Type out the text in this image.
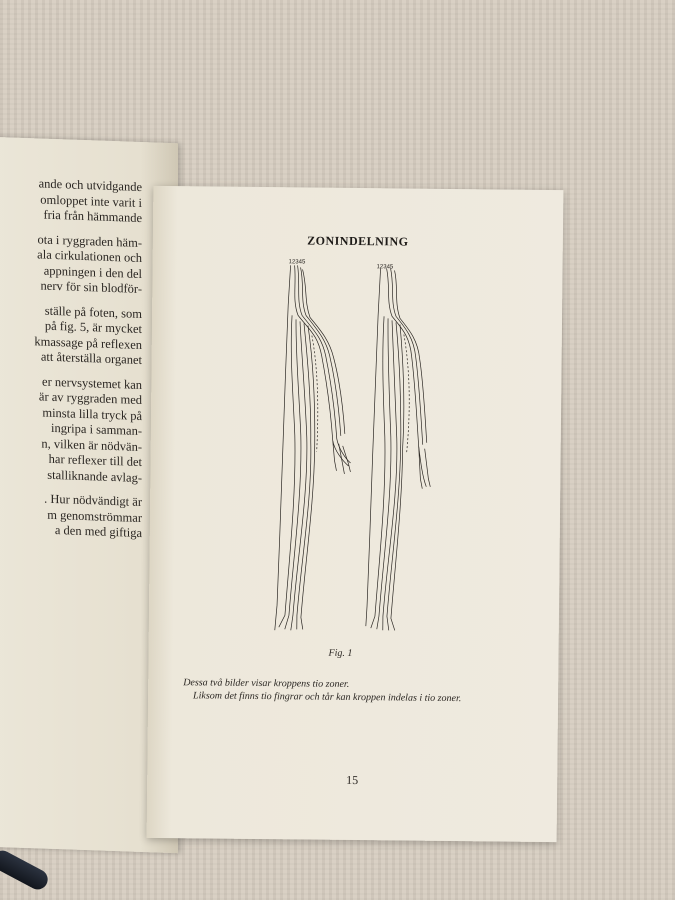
ande och utvidgande
omloppet inte varit i
fria från hämmande
ota i ryggraden häm-
ala cirkulationen och
appningen i den del
nerv för sin blodför-
ställe på foten, som
på fig. 5, är mycket
kmassage på reflexen
att återställa organet
er nervsystemet kan
är av ryggraden med
minsta lilla tryck på
ingripa i samman-
n, vilken är nödvän-
har reflexer till det
stalliknande avlag-
. Hur nödvändigt är
m genomströmmar
a den med giftiga
ZONINDELNING
12345
12345
Fig. 1
Dessa två bilder visar kroppens tio zoner.
Liksom det finns tio fingrar och tår kan kroppen indelas i tio zoner.
15
